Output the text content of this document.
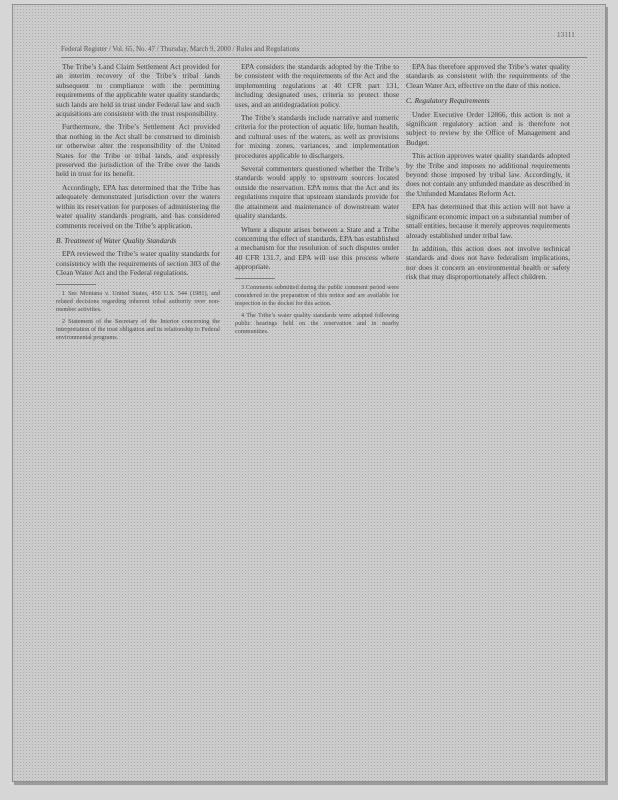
13111
Federal Register / Vol. 65, No. 47 / Thursday, March 9, 2000 / Rules and Regulations

The Tribe’s Land Claim Settlement Act provided for an interim recovery of the Tribe’s tribal lands subsequent to compliance with the permitting requirements of the applicable water quality standards; such lands are held in trust under Federal law and such acquisitions are consistent with the trust responsibility.

Furthermore, the Tribe’s Settlement Act provided that nothing in the Act shall be construed to diminish or otherwise alter the responsibility of the United States for the Tribe or tribal lands, and expressly preserved the jurisdiction of the Tribe over the lands held in trust for its benefit.

Accordingly, EPA has determined that the Tribe has adequately demonstrated jurisdiction over the waters within its reservation for purposes of administering the water quality standards program, and has considered comments received on the Tribe’s application.

B. Treatment of Water Quality Standards

EPA reviewed the Tribe’s water quality standards for consistency with the requirements of section 303 of the Clean Water Act and the Federal regulations.

1 See Montana v. United States, 450 U.S. 544 (1981), and related decisions regarding inherent tribal authority over non-member activities.

2 Statement of the Secretary of the Interior concerning the interpretation of the trust obligation and its relationship to Federal environmental programs.

EPA considers the standards adopted by the Tribe to be consistent with the requirements of the Act and the implementing regulations at 40 CFR part 131, including designated uses, criteria to protect those uses, and an antidegradation policy.

The Tribe’s standards include narrative and numeric criteria for the protection of aquatic life, human health, and cultural uses of the waters, as well as provisions for mixing zones, variances, and implementation procedures applicable to dischargers.

Several commenters questioned whether the Tribe’s standards would apply to upstream sources located outside the reservation. EPA notes that the Act and its regulations require that upstream standards provide for the attainment and maintenance of downstream water quality standards.

Where a dispute arises between a State and a Tribe concerning the effect of standards, EPA has established a mechanism for the resolution of such disputes under 40 CFR 131.7, and EPA will use this process where appropriate.

3 Comments submitted during the public comment period were considered in the preparation of this notice and are available for inspection in the docket for this action.

4 The Tribe’s water quality standards were adopted following public hearings held on the reservation and in nearby communities.

EPA has therefore approved the Tribe’s water quality standards as consistent with the requirements of the Clean Water Act, effective on the date of this notice.

C. Regulatory Requirements

Under Executive Order 12866, this action is not a significant regulatory action and is therefore not subject to review by the Office of Management and Budget.

This action approves water quality standards adopted by the Tribe and imposes no additional requirements beyond those imposed by tribal law. Accordingly, it does not contain any unfunded mandate as described in the Unfunded Mandates Reform Act.

EPA has determined that this action will not have a significant economic impact on a substantial number of small entities, because it merely approves requirements already established under tribal law.

In addition, this action does not involve technical standards and does not have federalism implications, nor does it concern an environmental health or safety risk that may disproportionately affect children.
